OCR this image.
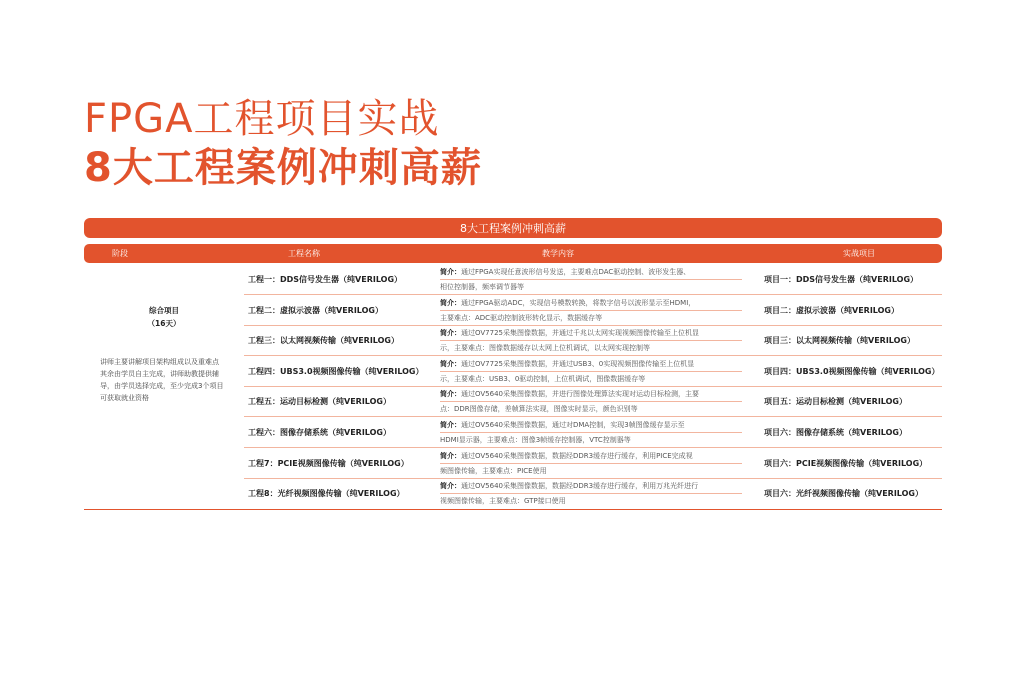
FPGA工程项目实战
8大工程案例冲刺高薪
8大工程案例冲刺高薪
阶段	工程名称	教学内容	实战项目
综合项目
（16天）
讲师主要讲解项目架构组成以及重难点其余由学员自主完成，讲师助教提供辅导，由学员选择完成，至少完成3个项目可获取就业资格
工程一：DDS信号发生器（纯VERILOG）
简介：通过FPGA实现任意波形信号发送，主要难点DAC驱动控制、波形发生器、
相位控制器，频率调节器等
项目一：DDS信号发生器（纯VERILOG）
工程二：虚拟示波器（纯VERILOG）
简介：通过FPGA驱动ADC，实现信号模数转换，将数字信号以波形显示至HDMI，
主要难点：ADC驱动控制波形转化显示，数据缓存等
项目二：虚拟示波器（纯VERILOG）
工程三：以太网视频传输（纯VERILOG）
简介：通过OV7725采集图像数据，并通过千兆以太网实现视频图像传输至上位机显
示，主要难点：图像数据缓存以太网上位机调试，以太网实现控制等
项目三：以太网视频传输（纯VERILOG）
工程四：UBS3.0视频图像传输（纯VERILOG）
简介：通过OV7725采集图像数据，并通过USB3、0实现视频图像传输至上位机显
示，主要难点：USB3、0驱动控制，上位机调试，图像数据缓存等
项目四：UBS3.0视频图像传输（纯VERILOG）
工程五：运动目标检测（纯VERILOG）
简介：通过OV5640采集图像数据，并进行图像处理算法实现对运动目标检测，主要
点：DDR图像存储，差帧算法实现，图像实时显示，颜色识别等
项目五：运动目标检测（纯VERILOG）
工程六：图像存储系统（纯VERILOG）
简介：通过OV5640采集图像数据，通过对DMA控制，实现3帧图像缓存显示至
HDMI显示器，主要难点：图像3帧缓存控制器，VTC控制器等
项目六：图像存储系统（纯VERILOG）
工程7：PCIE视频图像传输（纯VERILOG）
简介：通过OV5640采集图像数据，数据经DDR3缓存进行缓存，利用PICE完成视
频图像传输，主要难点：PICE使用
项目六：PCIE视频图像传输（纯VERILOG）
工程8：光纤视频图像传输（纯VERILOG）
简介：通过OV5640采集图像数据，数据经DDR3缓存进行缓存，利用万兆光纤进行
视频图像传输，主要难点：GTP接口使用
项目六：光纤视频图像传输（纯VERILOG）
